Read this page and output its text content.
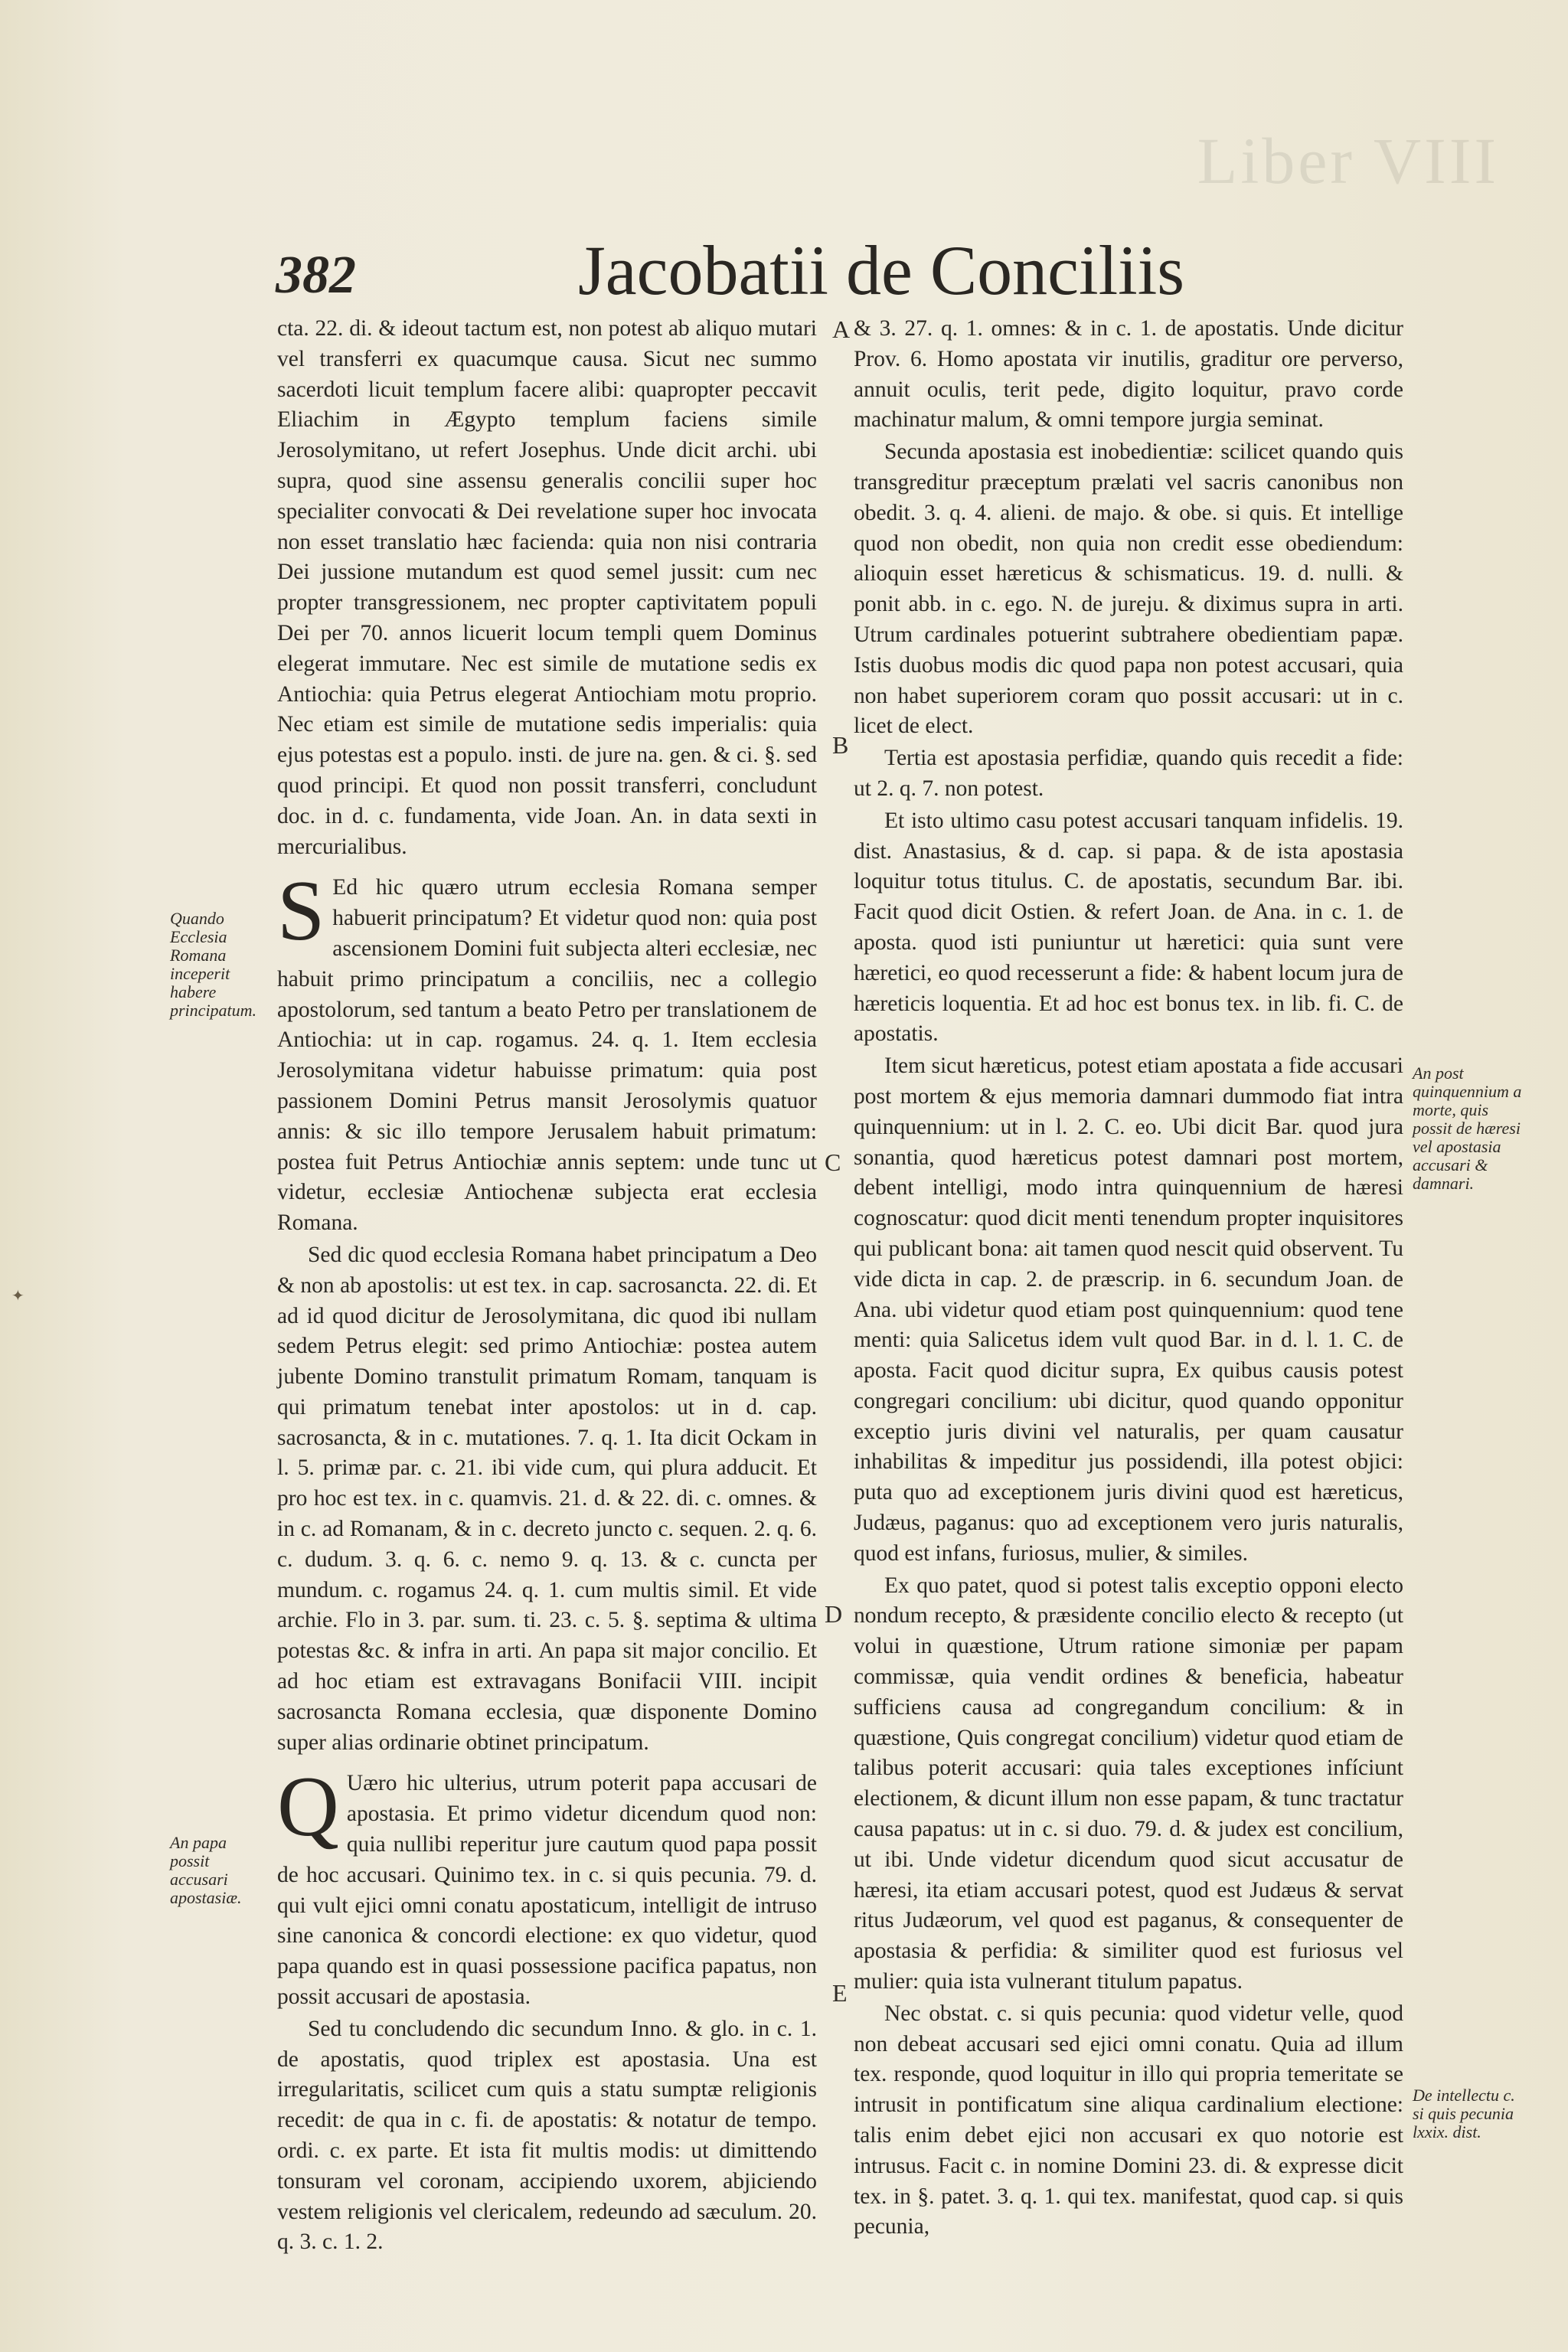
Liber VIII
382	Jacobatii de Conciliis

cta. 22. di. & ideout tactum est, non potest ab aliquo mutari vel transferri ex quacumque causa. Sicut nec summo sacerdoti licuit templum facere alibi: quapropter peccavit Eliachim in Ægypto templum faciens simile Jerosolymitano, ut refert Josephus. Unde dicit archi. ubi supra, quod sine assensu generalis concilii super hoc specialiter convocati & Dei revelatione super hoc invocata non esset translatio hæc facienda: quia non nisi contraria Dei jussione mutandum est quod semel jussit: cum nec propter transgressionem, nec propter captivitatem populi Dei per 70. annos licuerit locum templi quem Dominus elegerat immutare. Nec est simile de mutatione sedis ex Antiochia: quia Petrus elegerat Antiochiam motu proprio. Nec etiam est simile de mutatione sedis imperialis: quia ejus potestas est a populo. insti. de jure na. gen. & ci. §. sed quod principi. Et quod non possit transferri, concludunt doc. in d. c. fundamenta, vide Joan. An. in data sexti in mercurialibus.

S Ed hic quæro utrum ecclesia Romana semper habuerit principatum? Et videtur quod non: quia post ascensionem Domini fuit subjecta alteri ecclesiæ, nec habuit primo principatum a conciliis, nec a collegio apostolorum, sed tantum a beato Petro per translationem de Antiochia: ut in cap. rogamus. 24. q. 1. Item ecclesia Jerosolymitana videtur habuisse primatum: quia post passionem Domini Petrus mansit Jerosolymis quatuor annis: & sic illo tempore Jerusalem habuit primatum: postea fuit Petrus Antiochiæ annis septem: unde tunc ut videtur, ecclesiæ Antiochenæ subjecta erat ecclesia Romana.

Sed dic quod ecclesia Romana habet principatum a Deo & non ab apostolis: ut est tex. in cap. sacrosancta. 22. di. Et ad id quod dicitur de Jerosolymitana, dic quod ibi nullam sedem Petrus elegit: sed primo Antiochiæ: postea autem jubente Domino transtulit primatum Romam, tanquam is qui primatum tenebat inter apostolos: ut in d. cap. sacrosancta, & in c. mutationes. 7. q. 1. Ita dicit Ockam in l. 5. primæ par. c. 21. ibi vide cum, qui plura adducit. Et pro hoc est tex. in c. quamvis. 21. d. & 22. di. c. omnes. & in c. ad Romanam, & in c. decreto juncto c. sequen. 2. q. 6. c. dudum. 3. q. 6. c. nemo 9. q. 13. & c. cuncta per mundum. c. rogamus 24. q. 1. cum multis simil. Et vide archie. Flo in 3. par. sum. ti. 23. c. 5. §. septima & ultima potestas &c. & infra in arti. An papa sit major concilio. Et ad hoc etiam est extravagans Bonifacii VIII. incipit sacrosancta Romana ecclesia, quæ disponente Domino super alias ordinarie obtinet principatum.

Q Uæro hic ulterius, utrum poterit papa accusari de apostasia. Et primo videtur dicendum quod non: quia nullibi reperitur jure cautum quod papa possit de hoc accusari. Quinimo tex. in c. si quis pecunia. 79. d. qui vult ejici omni conatu apostaticum, intelligit de intruso sine canonica & concordi electione: ex quo videtur, quod papa quando est in quasi possessione pacifica papatus, non possit accusari de apostasia.

Sed tu concludendo dic secundum Inno. & glo. in c. 1. de apostatis, quod triplex est apostasia. Una est irregularitatis, scilicet cum quis a statu sumptæ religionis recedit: de qua in c. fi. de apostatis: & notatur de tempo. ordi. c. ex parte. Et ista fit multis modis: ut dimittendo tonsuram vel coronam, accipiendo uxorem, abjiciendo vestem religionis vel clericalem, redeundo ad sæculum. 20. q. 3. c. 1. 2.

& 3. 27. q. 1. omnes: & in c. 1. de apostatis. Unde dicitur Prov. 6. Homo apostata vir inutilis, graditur ore perverso, annuit oculis, terit pede, digito loquitur, pravo corde machinatur malum, & omni tempore jurgia seminat.

Secunda apostasia est inobedientiæ: scilicet quando quis transgreditur præceptum prælati vel sacris canonibus non obedit. 3. q. 4. alieni. de majo. & obe. si quis. Et intellige quod non obedit, non quia non credit esse obediendum: alioquin esset hæreticus & schismaticus. 19. d. nulli. & ponit abb. in c. ego. N. de jureju. & diximus supra in arti. Utrum cardinales potuerint subtrahere obedientiam papæ. Istis duobus modis dic quod papa non potest accusari, quia non habet superiorem coram quo possit accusari: ut in c. licet de elect.

Tertia est apostasia perfidiæ, quando quis recedit a fide: ut 2. q. 7. non potest.

Et isto ultimo casu potest accusari tanquam infidelis. 19. dist. Anastasius, & d. cap. si papa. & de ista apostasia loquitur totus titulus. C. de apostatis, secundum Bar. ibi. Facit quod dicit Ostien. & refert Joan. de Ana. in c. 1. de aposta. quod isti puniuntur ut hæretici: quia sunt vere hæretici, eo quod recesserunt a fide: & habent locum jura de hæreticis loquentia. Et ad hoc est bonus tex. in lib. fi. C. de apostatis.

Item sicut hæreticus, potest etiam apostata a fide accusari post mortem & ejus memoria damnari dummodo fiat intra quinquennium: ut in l. 2. C. eo. Ubi dicit Bar. quod jura sonantia, quod hæreticus potest damnari post mortem, debent intelligi, modo intra quinquennium de hæresi cognoscatur: quod dicit menti tenendum propter inquisitores qui publicant bona: ait tamen quod nescit quid observent. Tu vide dicta in cap. 2. de præscrip. in 6. secundum Joan. de Ana. ubi videtur quod etiam post quinquennium: quod tene menti: quia Salicetus idem vult quod Bar. in d. l. 1. C. de aposta. Facit quod dicitur supra, Ex quibus causis potest congregari concilium: ubi dicitur, quod quando opponitur exceptio juris divini vel naturalis, per quam causatur inhabilitas & impeditur jus possidendi, illa potest objici: puta quo ad exceptionem juris divini quod est hæreticus, Judæus, paganus: quo ad exceptionem vero juris naturalis, quod est infans, furiosus, mulier, & similes.

Ex quo patet, quod si potest talis exceptio opponi electo nondum recepto, & præsidente concilio electo & recepto (ut volui in quæstione, Utrum ratione simoniæ per papam commissæ, quia vendit ordines & beneficia, habeatur sufficiens causa ad congregandum concilium: & in quæstione, Quis congregat concilium) videtur quod etiam de talibus poterit accusari: quia tales exceptiones infíciunt electionem, & dicunt illum non esse papam, & tunc tractatur causa papatus: ut in c. si duo. 79. d. & judex est concilium, ut ibi. Unde videtur dicendum quod sicut accusatur de hæresi, ita etiam accusari potest, quod est Judæus & servat ritus Judæorum, vel quod est paganus, & consequenter de apostasia & perfidia: & similiter quod est furiosus vel mulier: quia ista vulnerant titulum papatus.

Nec obstat. c. si quis pecunia: quod videtur velle, quod non debeat accusari sed ejici omni conatu. Quia ad illum tex. responde, quod loquitur in illo qui propria temeritate se intrusit in pontificatum sine aliqua cardinalium electione: talis enim debet ejici non accusari ex quo notorie est intrusus. Facit c. in nomine Domini 23. di. & expresse dicit tex. in §. patet. 3. q. 1. qui tex. manifestat, quod cap. si quis pecunia,

Quando Ecclesia Romana inceperit habere principatum.
An papa possit accusari apostasiæ.
An post quinquennium a morte, quis possit de hæresi vel apostasia accusari & damnari.
De intellectu c. si quis pecunia lxxix. dist.
A
B
C
D
E
✦
